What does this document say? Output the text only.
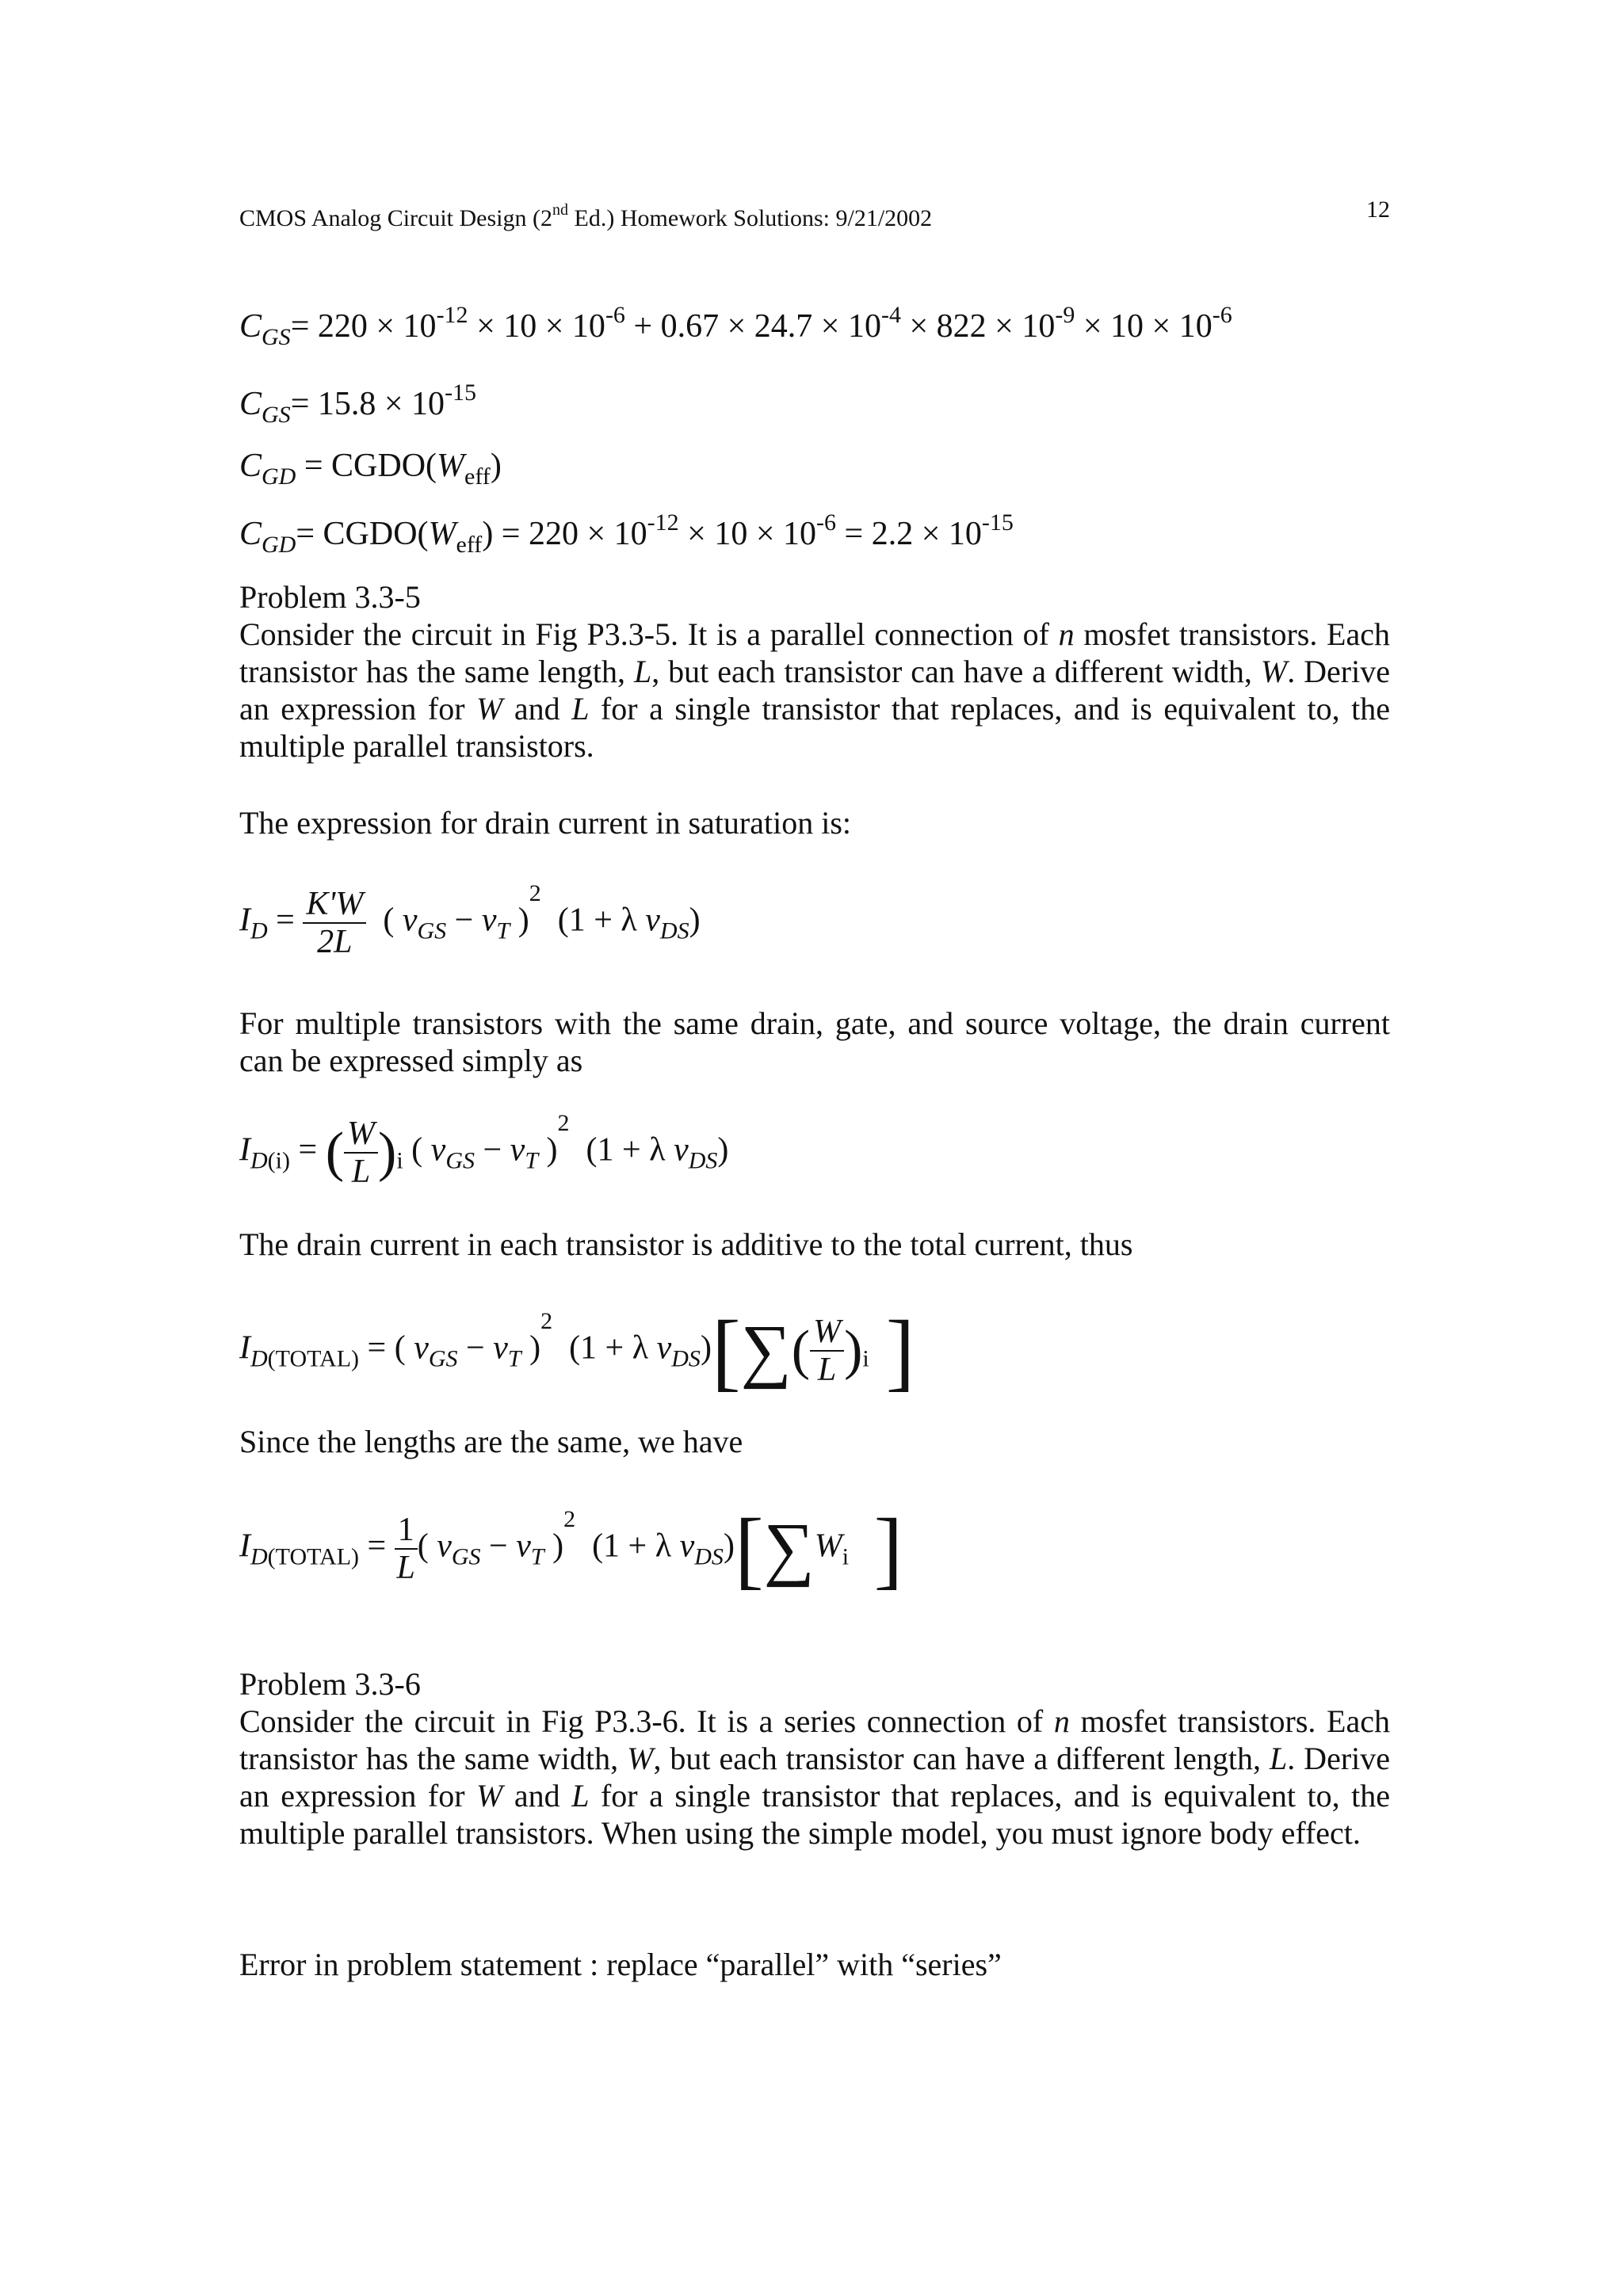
CMOS Analog Circuit Design (2nd Ed.) Homework Solutions: 9/21/2002	12
$C_{GS}= 220 \times 10^{-12} \times 10 \times 10^{-6} + 0.67 \times 24.7 \times 10^{-4} \times 822 \times 10^{-9} \times 10 \times 10^{-6}$
$C_{GS}= 15.8 \times 10^{-15}$
$C_{GD}$ = $CGDO(W_{eff})$
$C_{GD}=$ $CGDO(W_{eff}) = 220 \times 10^{-12} \times 10 \times 10^{-6} = 2.2 \times 10^{-15}$

Problem 3.3-5

Consider the circuit in Fig P3.3-5. It is a parallel connection of n mosfet transistors. Each transistor has the same length, L, but each transistor can have a different width, W. Derive an expression for W and L for a single transistor that replaces, and is equivalent to, the multiple parallel transistors.

The expression for drain current in saturation is:
$I_D = \frac{K'W}{2L}$ ( $v_{GS} - v_T$ )$^2$  (1 + λ $v_{DS}$)

For multiple transistors with the same drain, gate, and source voltage, the drain current can be expressed simply as

$I_{D(i)}$ = ( $\frac{W}{L} )_i$ ( $v_{GS} - v_T$ )$^2$  (1 + λ $v_{DS}$)
The drain current in each transistor is additive to the total current, thus
$I_{D(TOTAL)}$ = ( $v_{GS} - v_T$ )$^2$  (1 + λ $v_{DS})[\sum( \frac{W}{L} )_i$ ]
Since the lengths are the same, we have
$I_{D(TOTAL)} = \frac{1}{L}$ ( $v_{GS} - v_T$ )$^2$  (1 + λ $v_{DS})[\sum W_i$ ]

Problem 3.3-6

Consider the circuit in Fig P3.3-6. It is a series connection of n mosfet transistors. Each transistor has the same width, W, but each transistor can have a different length, L. Derive an expression for W and L for a single transistor that replaces, and is equivalent to, the multiple parallel transistors. When using the simple model, you must ignore body effect.

Error in problem statement : replace “parallel” with “series”
